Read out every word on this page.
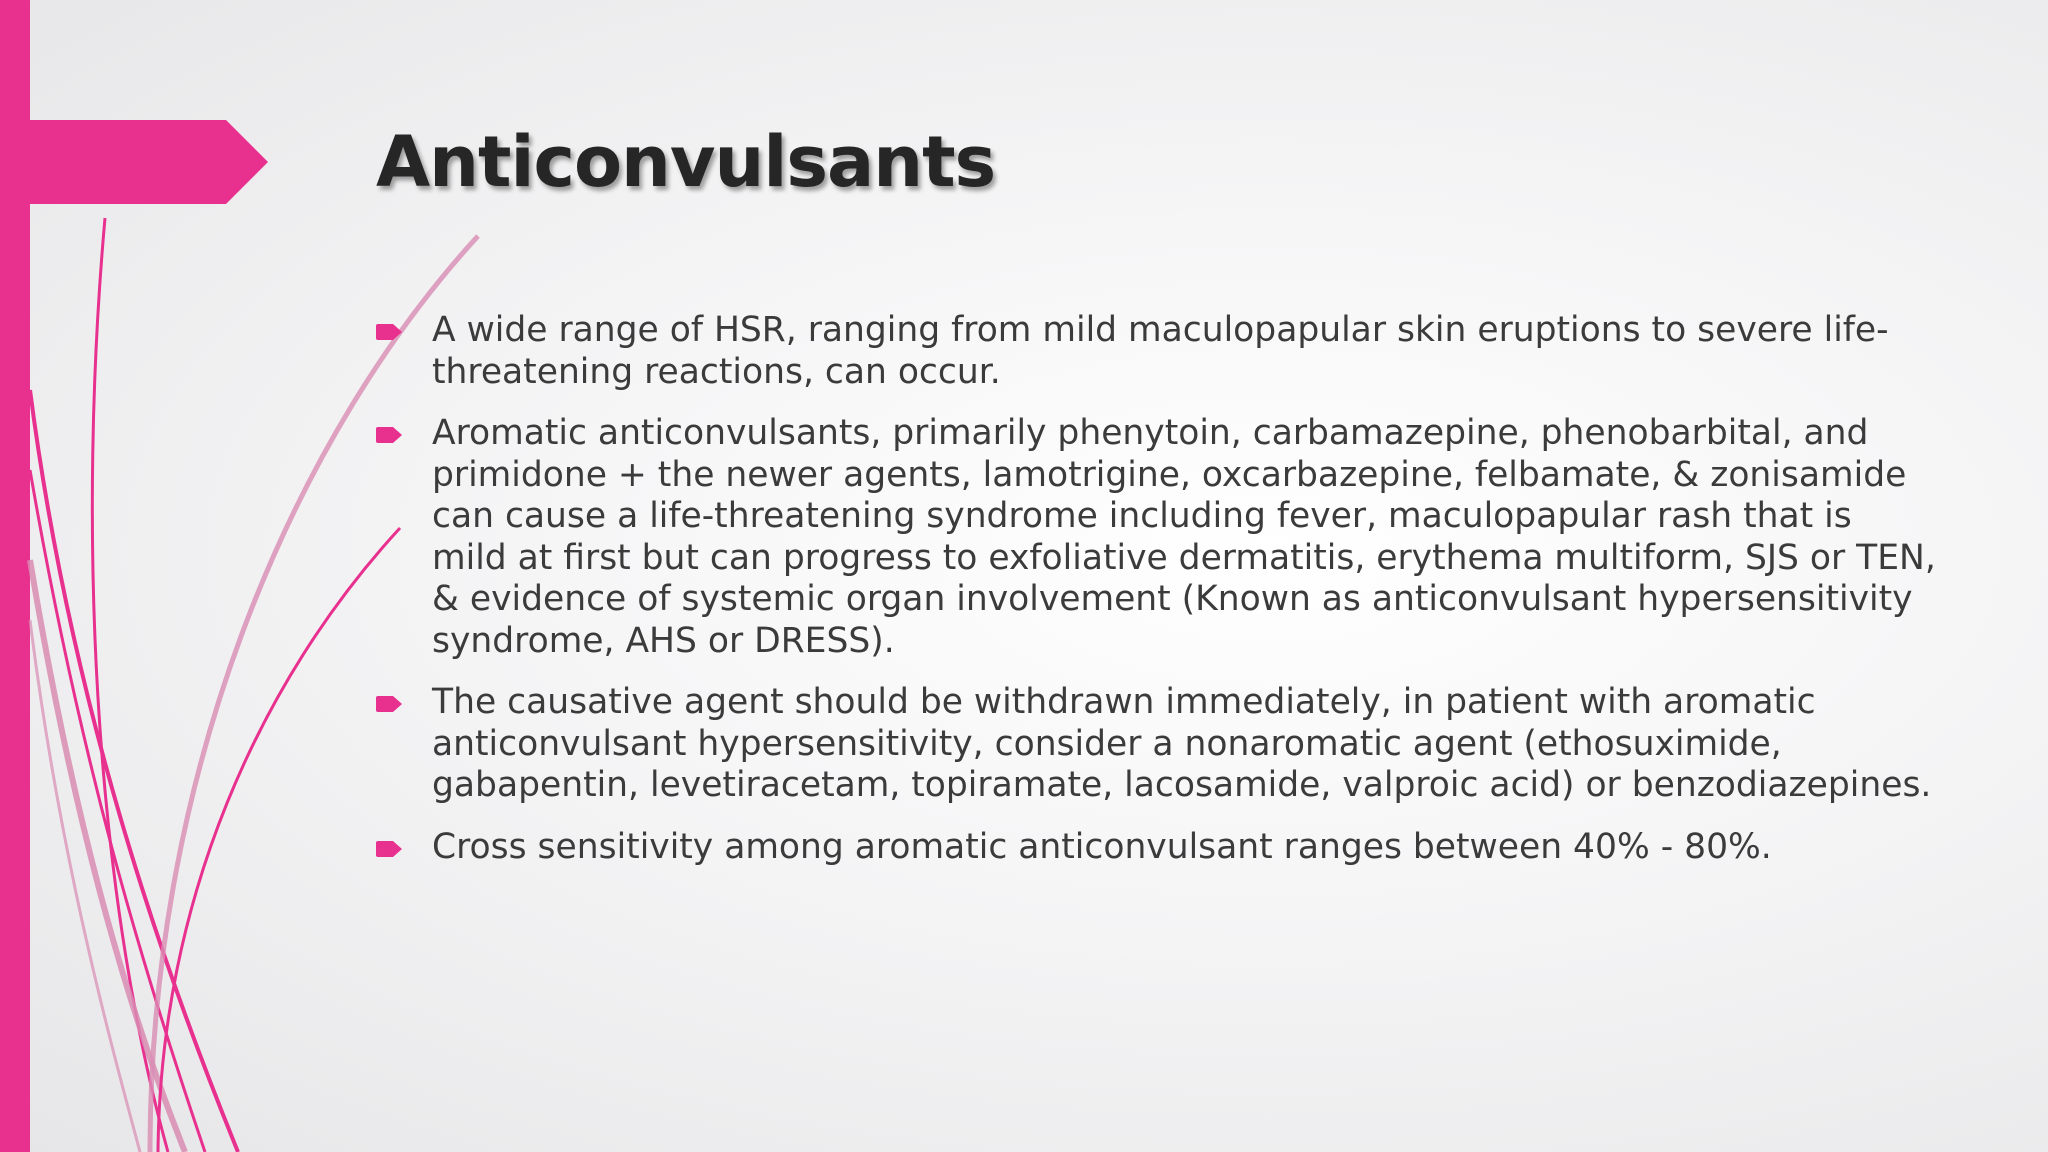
Anticonvulsants
A wide range of HSR, ranging from mild maculopapular skin eruptions to severe life-threatening reactions, can occur.
Aromatic anticonvulsants, primarily phenytoin, carbamazepine, phenobarbital, and primidone + the newer agents, lamotrigine, oxcarbazepine, felbamate, & zonisamide can cause a life-threatening syndrome including fever, maculopapular rash that is mild at first but can progress to exfoliative dermatitis, erythema multiform, SJS or TEN, & evidence of systemic organ involvement (Known as anticonvulsant hypersensitivity syndrome, AHS or DRESS).
The causative agent should be withdrawn immediately, in patient with aromatic anticonvulsant hypersensitivity, consider a nonaromatic agent (ethosuximide, gabapentin, levetiracetam, topiramate, lacosamide, valproic acid) or benzodiazepines.
Cross sensitivity among aromatic anticonvulsant ranges between 40% - 80%.
